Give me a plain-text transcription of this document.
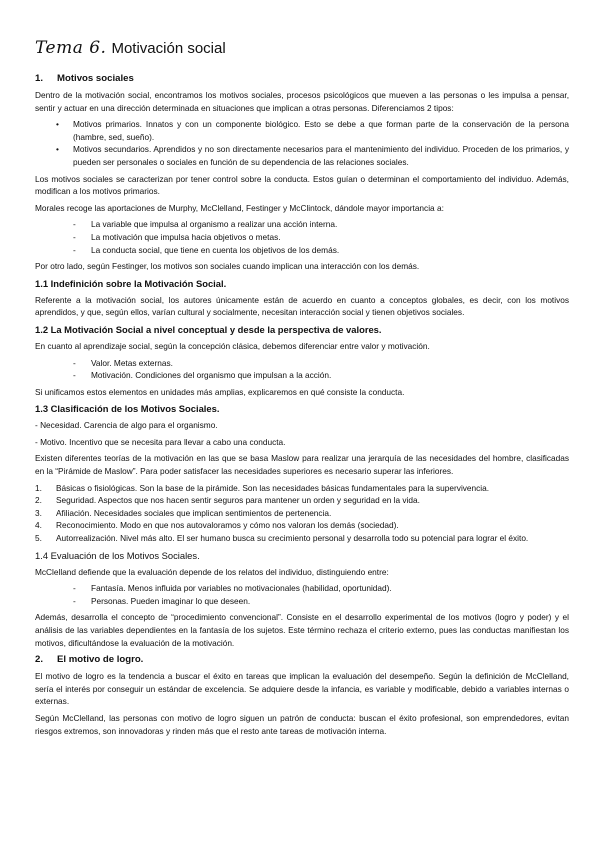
Tema 6. Motivación social
1. Motivos sociales

Dentro de la motivación social, encontramos los motivos sociales, procesos psicológicos que mueven a las personas o les impulsa a pensar, sentir y actuar en una dirección determinada en situaciones que implican a otras personas. Diferenciamos 2 tipos:

• Motivos primarios. Innatos y con un componente biológico. Esto se debe a que forman parte de la conservación de la persona (hambre, sed, sueño).
• Motivos secundarios. Aprendidos y no son directamente necesarios para el mantenimiento del individuo. Proceden de los primarios, y pueden ser personales o sociales en función de su dependencia de las relaciones sociales.

Los motivos sociales se caracterizan por tener control sobre la conducta. Estos guían o determinan el comportamiento del individuo. Además, modifican a los motivos primarios.

Morales recoge las aportaciones de Murphy, McClelland, Festinger y McClintock, dándole mayor importancia a:

- La variable que impulsa al organismo a realizar una acción interna.
- La motivación que impulsa hacia objetivos o metas.
- La conducta social, que tiene en cuenta los objetivos de los demás.

Por otro lado, según Festinger, los motivos son sociales cuando implican una interacción con los demás.

1.1 Indefinición sobre la Motivación Social.

Referente a la motivación social, los autores únicamente están de acuerdo en cuanto a conceptos globales, es decir, con los motivos aprendidos, y que, según ellos, varían cultural y socialmente, necesitan interacción social y tienen objetivos sociales.

1.2 La Motivación Social a nivel conceptual y desde la perspectiva de valores.

En cuanto al aprendizaje social, según la concepción clásica, debemos diferenciar entre valor y motivación.

- Valor. Metas externas.
- Motivación. Condiciones del organismo que impulsan a la acción.

Si unificamos estos elementos en unidades más amplias, explicaremos en qué consiste la conducta.

1.3 Clasificación de los Motivos Sociales.

- Necesidad. Carencia de algo para el organismo.

- Motivo. Incentivo que se necesita para llevar a cabo una conducta.

Existen diferentes teorías de la motivación en las que se basa Maslow para realizar una jerarquía de las necesidades del hombre, clasificadas en la “Pirámide de Maslow”. Para poder satisfacer las necesidades superiores es necesario superar las inferiores.

1. Básicas o fisiológicas. Son la base de la pirámide. Son las necesidades básicas fundamentales para la supervivencia.
2. Seguridad. Aspectos que nos hacen sentir seguros para mantener un orden y seguridad en la vida.
3. Afiliación. Necesidades sociales que implican sentimientos de pertenencia.
4. Reconocimiento. Modo en que nos autovaloramos y cómo nos valoran los demás (sociedad).
5. Autorrealización. Nivel más alto. El ser humano busca su crecimiento personal y desarrolla todo su potencial para lograr el éxito.
1.4 Evaluación de los Motivos Sociales.

McClelland defiende que la evaluación depende de los relatos del individuo, distinguiendo entre:

- Fantasía. Menos influida por variables no motivacionales (habilidad, oportunidad).
- Personas. Pueden imaginar lo que deseen.

Además, desarrolla el concepto de “procedimiento convencional”. Consiste en el desarrollo experimental de los motivos (logro y poder) y el análisis de las variables dependientes en la fantasía de los sujetos. Este término rechaza el criterio externo, pues las conductas manifiestan los motivos, dificultándose la evaluación de la motivación.

2. El motivo de logro.

El motivo de logro es la tendencia a buscar el éxito en tareas que implican la evaluación del desempeño. Según la definición de McClelland, sería el interés por conseguir un estándar de excelencia. Se adquiere desde la infancia, es variable y modificable, debido a variables internas o externas.

Según McClelland, las personas con motivo de logro siguen un patrón de conducta: buscan el éxito profesional, son emprendedores, evitan riesgos extremos, son innovadoras y rinden más que el resto ante tareas de motivación interna.
